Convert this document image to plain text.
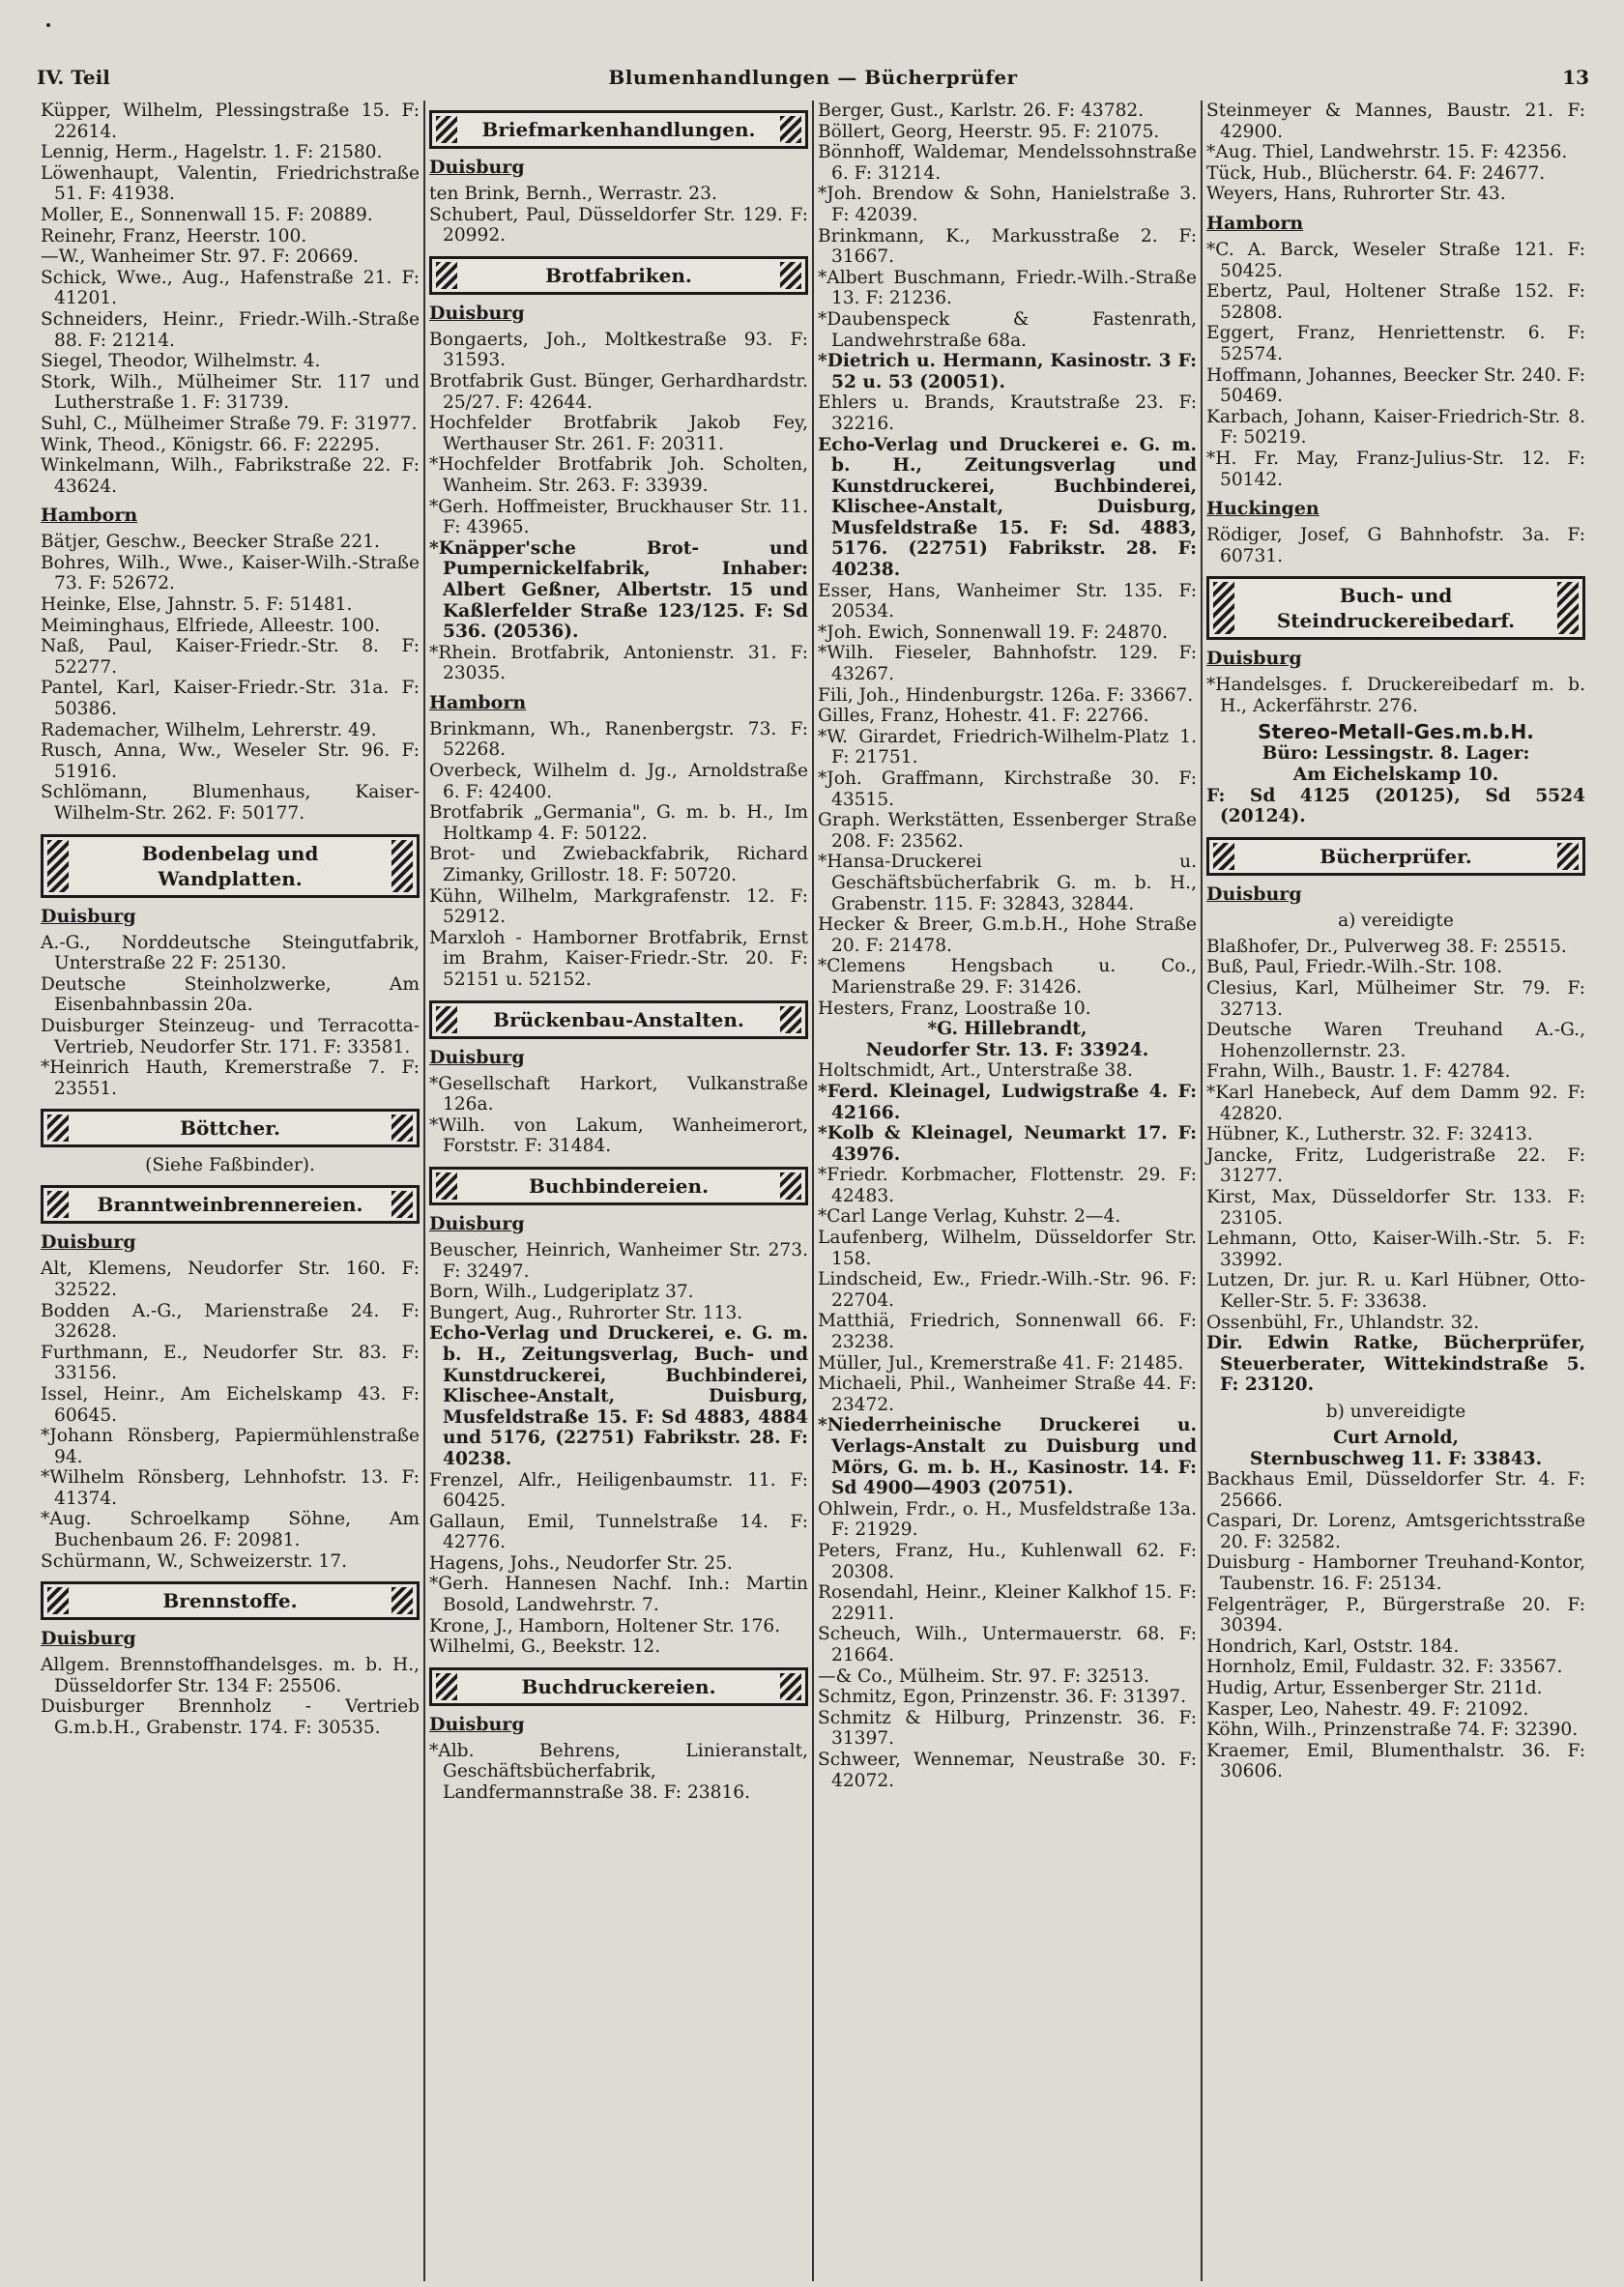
IV. Teil	Blumenhandlungen — Bücherprüfer	13
Küpper, Wilhelm, Plessingstraße 15. F: 22614.
Lennig, Herm., Hagelstr. 1. F: 21580.
Löwenhaupt, Valentin, Friedrichstraße 51. F: 41938.
Moller, E., Sonnenwall 15. F: 20889.
Reinehr, Franz, Heerstr. 100.
—W., Wanheimer Str. 97. F: 20669.
Schick, Wwe., Aug., Hafenstraße 21. F: 41201.
Schneiders, Heinr., Friedr.-Wilh.-Straße 88. F: 21214.
Siegel, Theodor, Wilhelmstr. 4.
Stork, Wilh., Mülheimer Str. 117 und Lutherstraße 1. F: 31739.
Suhl, C., Mülheimer Straße 79. F: 31977.
Wink, Theod., Königstr. 66. F: 22295.
Winkelmann, Wilh., Fabrikstraße 22. F: 43624.
Hamborn
Bätjer, Geschw., Beecker Straße 221.
Bohres, Wilh., Wwe., Kaiser-Wilh.-Straße 73. F: 52672.
Heinke, Else, Jahnstr. 5. F: 51481.
Meiminghaus, Elfriede, Alleestr. 100.
Naß, Paul, Kaiser-Friedr.-Str. 8. F: 52277.
Pantel, Karl, Kaiser-Friedr.-Str. 31a. F: 50386.
Rademacher, Wilhelm, Lehrerstr. 49.
Rusch, Anna, Ww., Weseler Str. 96. F: 51916.
Schlömann, Blumenhaus, Kaiser-Wilhelm-Str. 262. F: 50177.
Bodenbelag und Wandplatten.
Duisburg
A.-G., Norddeutsche Steingutfabrik, Unterstraße 22 F: 25130.
Deutsche Steinholzwerke, Am Eisenbahnbassin 20a.
Duisburger Steinzeug- und Terracotta-Vertrieb, Neudorfer Str. 171. F: 33581.
*Heinrich Hauth, Kremerstraße 7. F: 23551.
Böttcher.
(Siehe Faßbinder).
Branntweinbrennereien.
Duisburg
Alt, Klemens, Neudorfer Str. 160. F: 32522.
Bodden A.-G., Marienstraße 24. F: 32628.
Furthmann, E., Neudorfer Str. 83. F: 33156.
Issel, Heinr., Am Eichelskamp 43. F: 60645.
*Johann Rönsberg, Papiermühlenstraße 94.
*Wilhelm Rönsberg, Lehnhofstr. 13. F: 41374.
*Aug. Schroelkamp Söhne, Am Buchenbaum 26. F: 20981.
Schürmann, W., Schweizerstr. 17.
Brennstoffe.
Duisburg
Allgem. Brennstoffhandelsges. m. b. H., Düsseldorfer Str. 134 F: 25506.
Duisburger Brennholz - Vertrieb G.m.b.H., Grabenstr. 174. F: 30535.
Briefmarkenhandlungen.
Duisburg
ten Brink, Bernh., Werrastr. 23.
Schubert, Paul, Düsseldorfer Str. 129. F: 20992.
Brotfabriken.
Duisburg
Bongaerts, Joh., Moltkestraße 93. F: 31593.
Brotfabrik Gust. Bünger, Gerhardhardstr. 25/27. F: 42644.
Hochfelder Brotfabrik Jakob Fey, Werthauser Str. 261. F: 20311.
*Hochfelder Brotfabrik Joh. Scholten, Wanheim. Str. 263. F: 33939.
*Gerh. Hoffmeister, Bruckhauser Str. 11. F: 43965.
*Knäpper'sche Brot- und Pumpernickelfabrik, Inhaber: Albert Geßner, Albertstr. 15 und Kaßlerfelder Straße 123/125. F: Sd 536. (20536).
*Rhein. Brotfabrik, Antonienstr. 31. F: 23035.
Hamborn
Brinkmann, Wh., Ranenbergstr. 73. F: 52268.
Overbeck, Wilhelm d. Jg., Arnoldstraße 6. F: 42400.
Brotfabrik „Germania", G. m. b. H., Im Holtkamp 4. F: 50122.
Brot- und Zwiebackfabrik, Richard Zimanky, Grillostr. 18. F: 50720.
Kühn, Wilhelm, Markgrafenstr. 12. F: 52912.
Marxloh - Hamborner Brotfabrik, Ernst im Brahm, Kaiser-Friedr.-Str. 20. F: 52151 u. 52152.
Brückenbau-Anstalten.
Duisburg
*Gesellschaft Harkort, Vulkanstraße 126a.
*Wilh. von Lakum, Wanheimerort, Forststr. F: 31484.
Buchbindereien.
Duisburg
Beuscher, Heinrich, Wanheimer Str. 273. F: 32497.
Born, Wilh., Ludgeriplatz 37.
Bungert, Aug., Ruhrorter Str. 113.
Echo-Verlag und Druckerei, e. G. m. b. H., Zeitungsverlag, Buch- und Kunstdruckerei, Buchbinderei, Klischee-Anstalt, Duisburg, Musfeldstraße 15. F: Sd 4883, 4884 und 5176, (22751) Fabrikstr. 28. F: 40238.
Frenzel, Alfr., Heiligenbaumstr. 11. F: 60425.
Gallaun, Emil, Tunnelstraße 14. F: 42776.
Hagens, Johs., Neudorfer Str. 25.
*Gerh. Hannesen Nachf. Inh.: Martin Bosold, Landwehrstr. 7.
Krone, J., Hamborn, Holtener Str. 176.
Wilhelmi, G., Beekstr. 12.
Buchdruckereien.
Duisburg
*Alb. Behrens, Linieranstalt, Geschäftsbücherfabrik, Landfermannstraße 38. F: 23816.
Berger, Gust., Karlstr. 26. F: 43782.
Böllert, Georg, Heerstr. 95. F: 21075.
Bönnhoff, Waldemar, Mendelssohnstraße 6. F: 31214.
*Joh. Brendow & Sohn, Hanielstraße 3. F: 42039.
Brinkmann, K., Markusstraße 2. F: 31667.
*Albert Buschmann, Friedr.-Wilh.-Straße 13. F: 21236.
*Daubenspeck & Fastenrath, Landwehrstraße 68a.
*Dietrich u. Hermann, Kasinostr. 3 F: 52 u. 53 (20051).
Ehlers u. Brands, Krautstraße 23. F: 32216.
Echo-Verlag und Druckerei e. G. m. b. H., Zeitungsverlag und Kunstdruckerei, Buchbinderei, Klischee-Anstalt, Duisburg, Musfeldstraße 15. F: Sd. 4883, 5176. (22751) Fabrikstr. 28. F: 40238.
Esser, Hans, Wanheimer Str. 135. F: 20534.
*Joh. Ewich, Sonnenwall 19. F: 24870.
*Wilh. Fieseler, Bahnhofstr. 129. F: 43267.
Fili, Joh., Hindenburgstr. 126a. F: 33667.
Gilles, Franz, Hohestr. 41. F: 22766.
*W. Girardet, Friedrich-Wilhelm-Platz 1. F: 21751.
*Joh. Graffmann, Kirchstraße 30. F: 43515.
Graph. Werkstätten, Essenberger Straße 208. F: 23562.
*Hansa-Druckerei u. Geschäftsbücherfabrik G. m. b. H., Grabenstr. 115. F: 32843, 32844.
Hecker & Breer, G.m.b.H., Hohe Straße 20. F: 21478.
*Clemens Hengsbach u. Co., Marienstraße 29. F: 31426.
Hesters, Franz, Loostraße 10.
*G. Hillebrandt,
Neudorfer Str. 13. F: 33924.
Holtschmidt, Art., Unterstraße 38.
*Ferd. Kleinagel, Ludwigstraße 4. F: 42166.
*Kolb & Kleinagel, Neumarkt 17. F: 43976.
*Friedr. Korbmacher, Flottenstr. 29. F: 42483.
*Carl Lange Verlag, Kuhstr. 2—4.
Laufenberg, Wilhelm, Düsseldorfer Str. 158.
Lindscheid, Ew., Friedr.-Wilh.-Str. 96. F: 22704.
Matthiä, Friedrich, Sonnenwall 66. F: 23238.
Müller, Jul., Kremerstraße 41. F: 21485.
Michaeli, Phil., Wanheimer Straße 44. F: 23472.
*Niederrheinische Druckerei u. Verlags-Anstalt zu Duisburg und Mörs, G. m. b. H., Kasinostr. 14. F: Sd 4900—4903 (20751).
Ohlwein, Frdr., o. H., Musfeldstraße 13a. F: 21929.
Peters, Franz, Hu., Kuhlenwall 62. F: 20308.
Rosendahl, Heinr., Kleiner Kalkhof 15. F: 22911.
Scheuch, Wilh., Untermauerstr. 68. F: 21664.
—& Co., Mülheim. Str. 97. F: 32513.
Schmitz, Egon, Prinzenstr. 36. F: 31397.
Schmitz & Hilburg, Prinzenstr. 36. F: 31397.
Schweer, Wennemar, Neustraße 30. F: 42072.
Steinmeyer & Mannes, Baustr. 21. F: 42900.
*Aug. Thiel, Landwehrstr. 15. F: 42356.
Tück, Hub., Blücherstr. 64. F: 24677.
Weyers, Hans, Ruhrorter Str. 43.
Hamborn
*C. A. Barck, Weseler Straße 121. F: 50425.
Ebertz, Paul, Holtener Straße 152. F: 52808.
Eggert, Franz, Henriettenstr. 6. F: 52574.
Hoffmann, Johannes, Beecker Str. 240. F: 50469.
Karbach, Johann, Kaiser-Friedrich-Str. 8. F: 50219.
*H. Fr. May, Franz-Julius-Str. 12. F: 50142.
Huckingen
Rödiger, Josef, G Bahnhofstr. 3a. F: 60731.
Buch- und Steindruckereibedarf.
Duisburg
*Handelsges. f. Druckereibedarf m. b. H., Ackerfährstr. 276.
Stereo-Metall-Ges.m.b.H.
Büro: Lessingstr. 8. Lager:
Am Eichelskamp 10.
F: Sd 4125 (20125), Sd 5524 (20124).
Bücherprüfer.
Duisburg
a) vereidigte
Blaßhofer, Dr., Pulverweg 38. F: 25515.
Buß, Paul, Friedr.-Wilh.-Str. 108.
Clesius, Karl, Mülheimer Str. 79. F: 32713.
Deutsche Waren Treuhand A.-G., Hohenzollernstr. 23.
Frahn, Wilh., Baustr. 1. F: 42784.
*Karl Hanebeck, Auf dem Damm 92. F: 42820.
Hübner, K., Lutherstr. 32. F: 32413.
Jancke, Fritz, Ludgeristraße 22. F: 31277.
Kirst, Max, Düsseldorfer Str. 133. F: 23105.
Lehmann, Otto, Kaiser-Wilh.-Str. 5. F: 33992.
Lutzen, Dr. jur. R. u. Karl Hübner, Otto-Keller-Str. 5. F: 33638.
Ossenbühl, Fr., Uhlandstr. 32.
Dir. Edwin Ratke, Bücherprüfer, Steuerberater, Wittekindstraße 5. F: 23120.
b) unvereidigte
Curt Arnold,
Sternbuschweg 11. F: 33843.
Backhaus Emil, Düsseldorfer Str. 4. F: 25666.
Caspari, Dr. Lorenz, Amtsgerichtsstraße 20. F: 32582.
Duisburg - Hamborner Treuhand-Kontor, Taubenstr. 16. F: 25134.
Felgenträger, P., Bürgerstraße 20. F: 30394.
Hondrich, Karl, Oststr. 184.
Hornholz, Emil, Fuldastr. 32. F: 33567.
Hudig, Artur, Essenberger Str. 211d.
Kasper, Leo, Nahestr. 49. F: 21092.
Köhn, Wilh., Prinzenstraße 74. F: 32390.
Kraemer, Emil, Blumenthalstr. 36. F: 30606.
